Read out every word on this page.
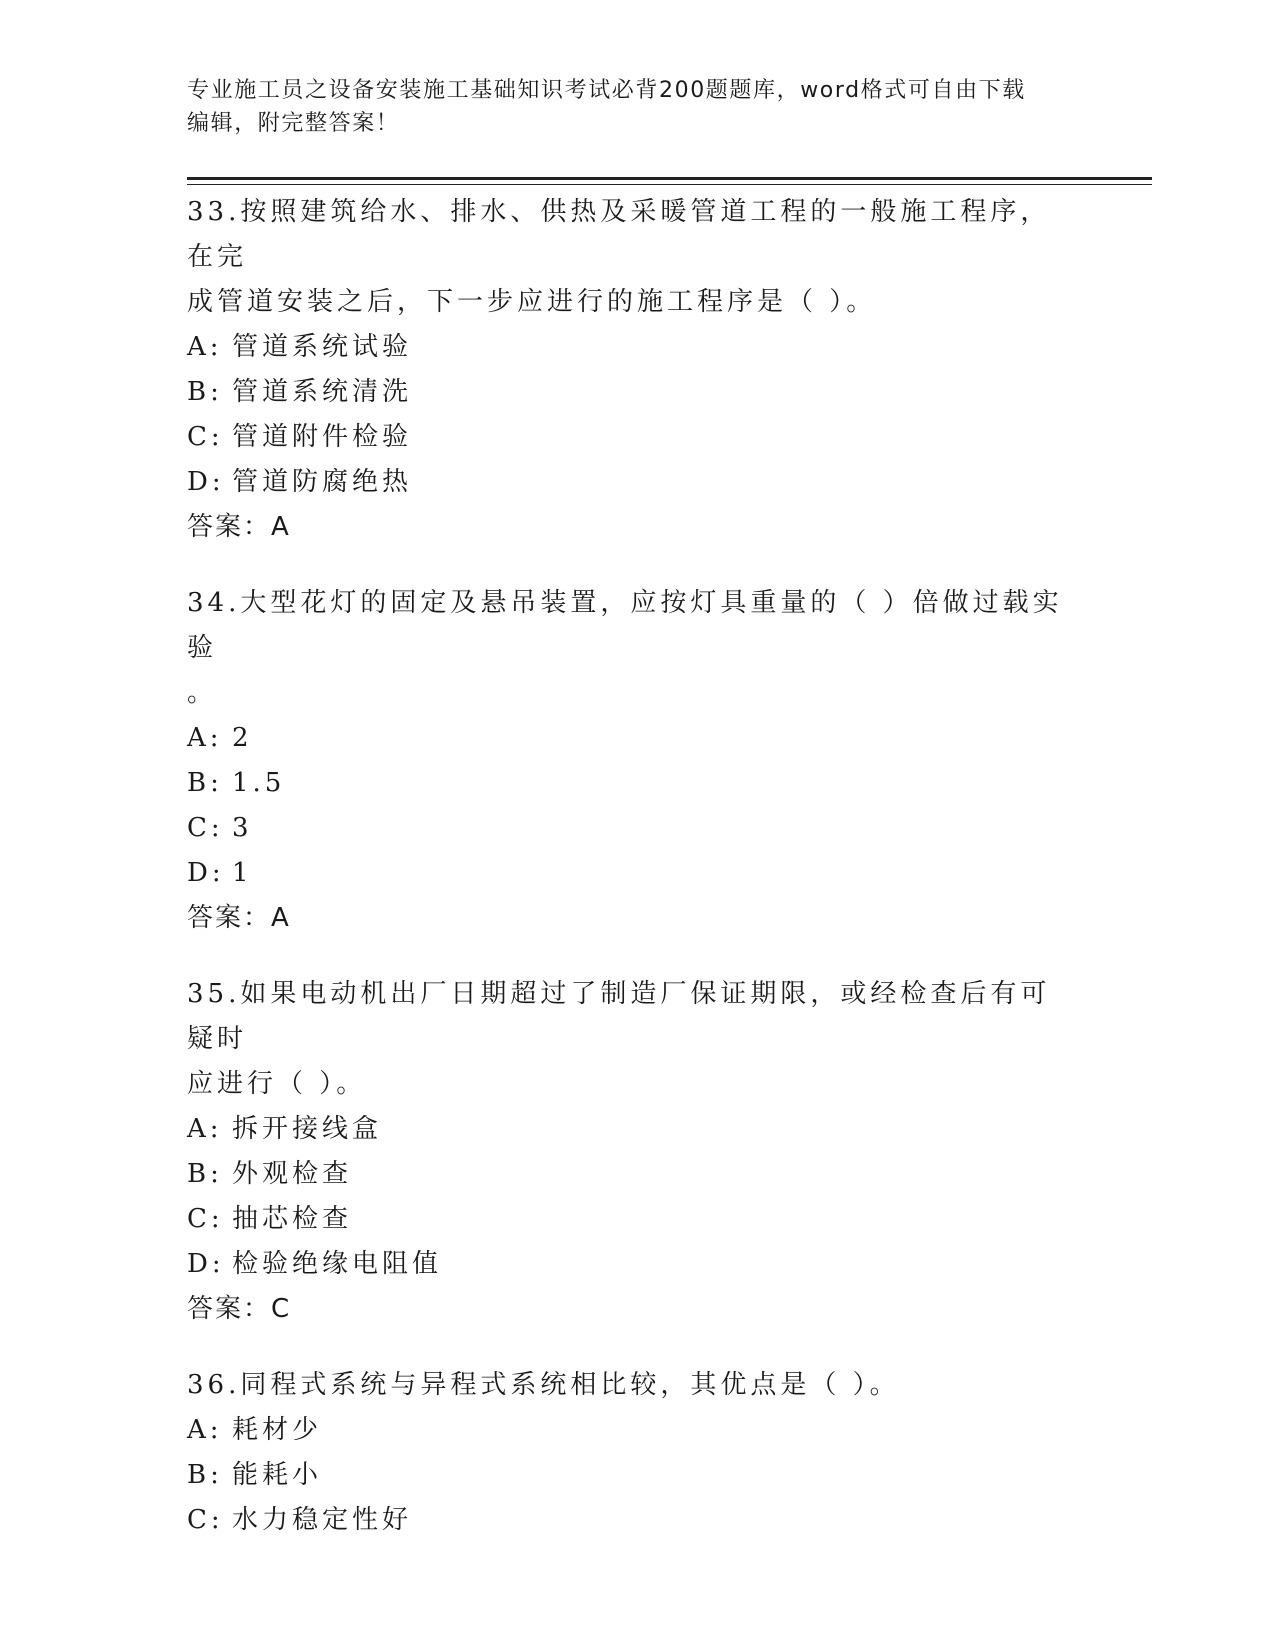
专业施工员之设备安装施工基础知识考试必背200题题库，word格式可自由下载
编辑，附完整答案！
33.按照建筑给水、排水、供热及采暖管道工程的一般施工程序，在完
成管道安装之后，下一步应进行的施工程序是（ ）。
A: 管道系统试验
B: 管道系统清洗
C: 管道附件检验
D: 管道防腐绝热
答案：A
34.大型花灯的固定及悬吊装置，应按灯具重量的（ ）倍做过载实验
。
A: 2
B: 1.5
C: 3
D: 1
答案：A
35.如果电动机出厂日期超过了制造厂保证期限，或经检查后有可疑时
应进行（ ）。
A: 拆开接线盒
B: 外观检查
C: 抽芯检查
D: 检验绝缘电阻值
答案：C
36.同程式系统与异程式系统相比较，其优点是（ ）。
A: 耗材少
B: 能耗小
C: 水力稳定性好
